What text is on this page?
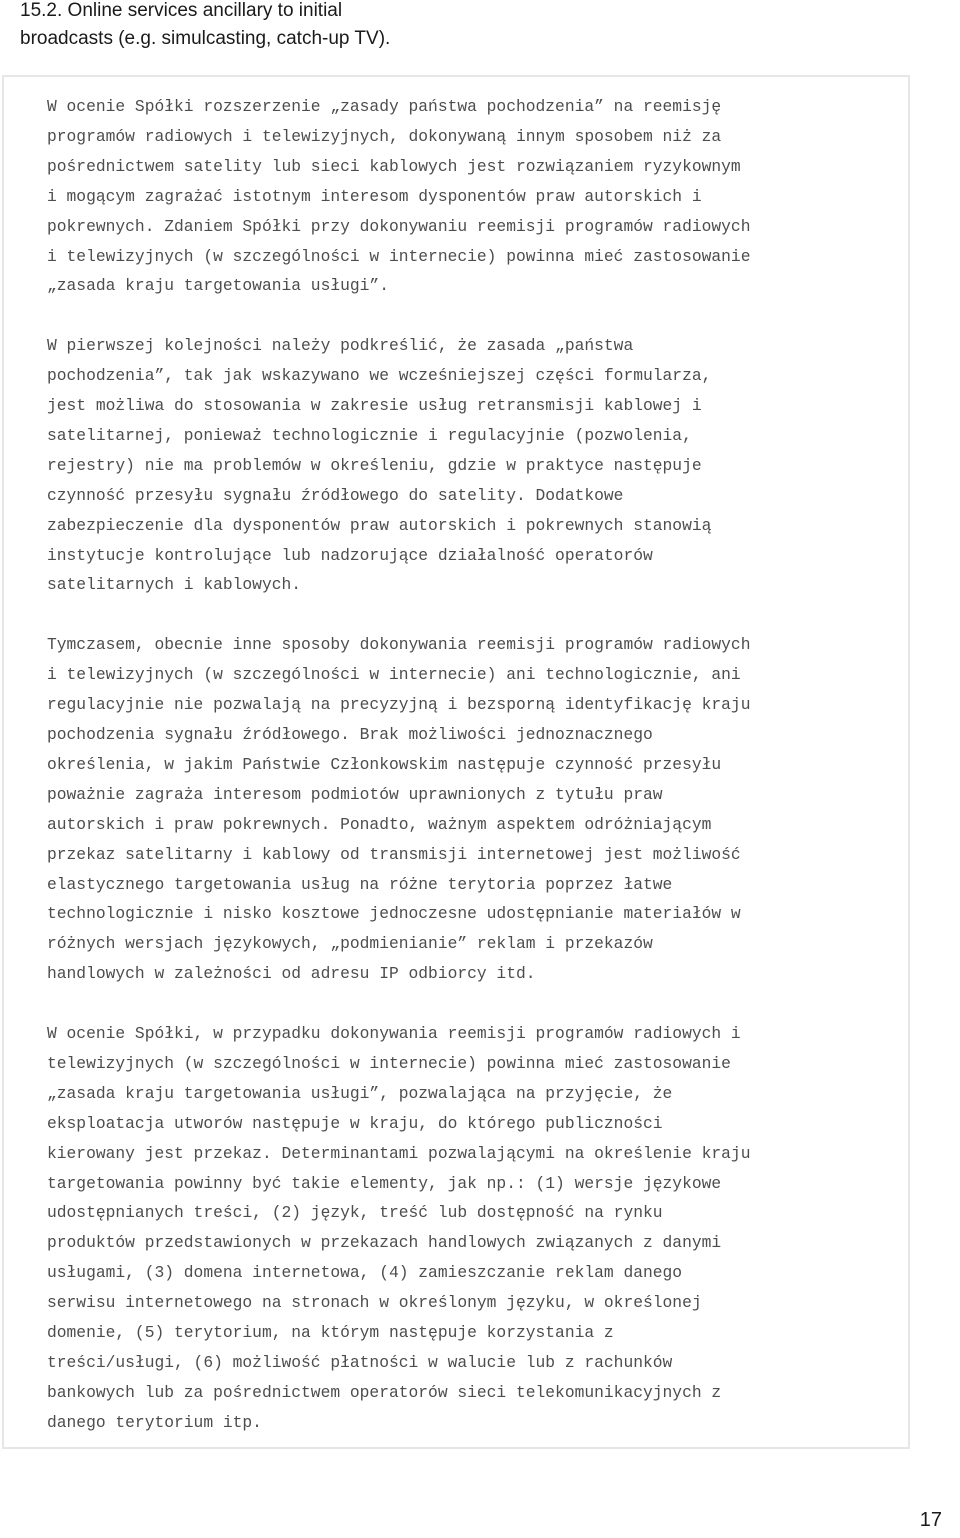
15.2. Online services ancillary to initial
broadcasts (e.g. simulcasting, catch-up TV).

W ocenie Spółki rozszerzenie „zasady państwa pochodzenia” na reemisję
programów radiowych i telewizyjnych, dokonywaną innym sposobem niż za
pośrednictwem satelity lub sieci kablowych jest rozwiązaniem ryzykownym
i mogącym zagrażać istotnym interesom dysponentów praw autorskich i
pokrewnych. Zdaniem Spółki przy dokonywaniu reemisji programów radiowych
i telewizyjnych (w szczególności w internecie) powinna mieć zastosowanie
„zasada kraju targetowania usługi”.

W pierwszej kolejności należy podkreślić, że zasada „państwa
pochodzenia”, tak jak wskazywano we wcześniejszej części formularza,
jest możliwa do stosowania w zakresie usług retransmisji kablowej i
satelitarnej, ponieważ technologicznie i regulacyjnie (pozwolenia,
rejestry) nie ma problemów w określeniu, gdzie w praktyce następuje
czynność przesyłu sygnału źródłowego do satelity. Dodatkowe
zabezpieczenie dla dysponentów praw autorskich i pokrewnych stanowią
instytucje kontrolujące lub nadzorujące działalność operatorów
satelitarnych i kablowych.

Tymczasem, obecnie inne sposoby dokonywania reemisji programów radiowych
i telewizyjnych (w szczególności w internecie) ani technologicznie, ani
regulacyjnie nie pozwalają na precyzyjną i bezsporną identyfikację kraju
pochodzenia sygnału źródłowego. Brak możliwości jednoznacznego
określenia, w jakim Państwie Członkowskim następuje czynność przesyłu
poważnie zagraża interesom podmiotów uprawnionych z tytułu praw
autorskich i praw pokrewnych. Ponadto, ważnym aspektem odróżniającym
przekaz satelitarny i kablowy od transmisji internetowej jest możliwość
elastycznego targetowania usług na różne terytoria poprzez łatwe
technologicznie i nisko kosztowe jednoczesne udostępnianie materiałów w
różnych wersjach językowych, „podmienianie” reklam i przekazów
handlowych w zależności od adresu IP odbiorcy itd.

W ocenie Spółki, w przypadku dokonywania reemisji programów radiowych i
telewizyjnych (w szczególności w internecie) powinna mieć zastosowanie
„zasada kraju targetowania usługi”, pozwalająca na przyjęcie, że
eksploatacja utworów następuje w kraju, do którego publiczności
kierowany jest przekaz. Determinantami pozwalającymi na określenie kraju
targetowania powinny być takie elementy, jak np.: (1) wersje językowe
udostępnianych treści, (2) język, treść lub dostępność na rynku
produktów przedstawionych w przekazach handlowych związanych z danymi
usługami, (3) domena internetowa, (4) zamieszczanie reklam danego
serwisu internetowego na stronach w określonym języku, w określonej
domenie, (5) terytorium, na którym następuje korzystania z
treści/usługi, (6) możliwość płatności w walucie lub z rachunków
bankowych lub za pośrednictwem operatorów sieci telekomunikacyjnych z
danego terytorium itp.

17
